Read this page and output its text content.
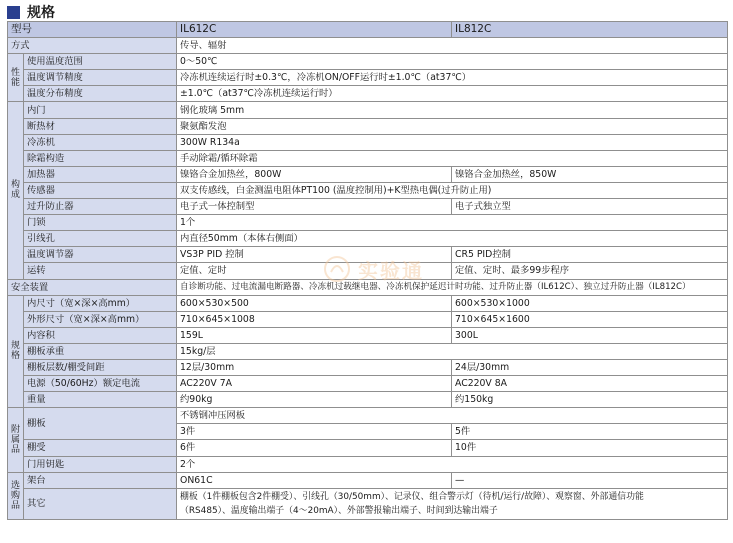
规格
型号		IL612C	IL812C
方式		传导、辐射	
性能	使用温度范围	0～50℃	
	温度调节精度	冷冻机连续运行时±0.3℃，冷冻机ON/OFF运行时±1.0℃（at37℃）	
	温度分布精度	±1.0℃（at37℃冷冻机连续运行时）	
构成	内门	钢化玻璃 5mm	
	断热材	聚氨酯发泡	
	冷冻机	300W R134a	
	除霜构造	手动除霜/循环除霜	
	加热器	镍铬合金加热丝，800W	镍铬合金加热丝，850W
	传感器	双支传感线，白金测温电阻体PT100 (温度控制用)+K型热电偶(过升防止用)	
	过升防止器	电子式一体控制型	电子式独立型
	门锁	1个	
	引线孔	内直径50mm（本体右侧面）	
	温度调节器	VS3P PID 控制	CR5 PID控制
	运转	定值、定时	定值、定时、最多99步程序
安全装置		自诊断功能、过电流漏电断路器、冷冻机过载继电器、冷冻机保护延迟计时功能、过升防止器（IL612C）、独立过升防止器（IL812C）	
规格	内尺寸（宽×深×高mm）	600×530×500	600×530×1000
	外形尺寸（宽×深×高mm）	710×645×1008	710×645×1600
	内容积	159L	300L
	棚板承重	15kg/层	
	棚板层数/棚受间距	12层/30mm	24层/30mm
	电源（50/60Hz）额定电流	AC220V 7A	AC220V 8A
	重量	约90kg	约150kg
附属品	棚板	不锈钢冲压网板	
		3件	5件
	棚受	6件	10件
	门用钥匙	2个	
选购品	架台	ON61C	—
	其它	棚板（1件棚板包含2件棚受）、引线孔（30/50mm）、记录仪、组合警示灯（待机/运行/故障）、观察窗、外部通信功能
（RS485）、温度输出端子（4～20mA）、外部警报输出端子、时间到达输出端子	
实验通
